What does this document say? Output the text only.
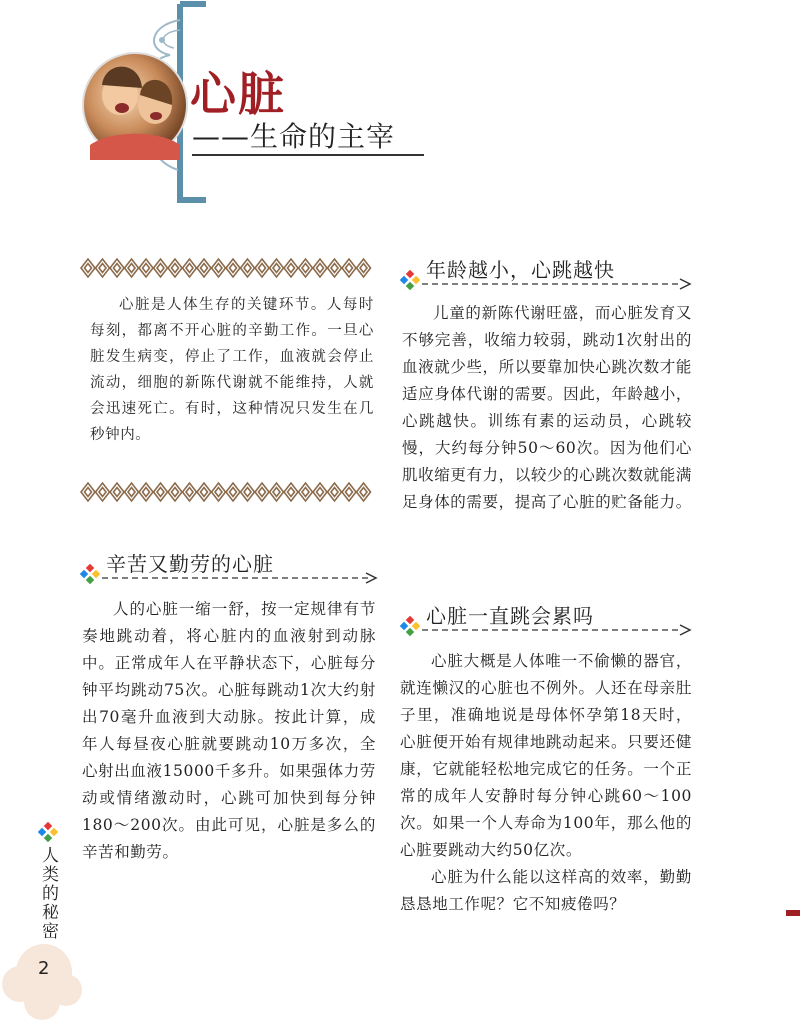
心脏
——生命的主宰

心脏是人体生存的关键环节。人每时每刻，都离不开心脏的辛勤工作。一旦心脏发生病变，停止了工作，血液就会停止流动，细胞的新陈代谢就不能维持，人就会迅速死亡。有时，这种情况只发生在几秒钟内。

辛苦又勤劳的心脏

人的心脏一缩一舒，按一定规律有节奏地跳动着，将心脏内的血液射到动脉中。正常成年人在平静状态下，心脏每分钟平均跳动75次。心脏每跳动1次大约射出70毫升血液到大动脉。按此计算，成年人每昼夜心脏就要跳动10万多次，全心射出血液15000千多升。如果强体力劳动或情绪激动时，心跳可加快到每分钟180～200次。由此可见，心脏是多么的辛苦和勤劳。

年龄越小，心跳越快

儿童的新陈代谢旺盛，而心脏发育又不够完善，收缩力较弱，跳动1次射出的血液就少些，所以要靠加快心跳次数才能适应身体代谢的需要。因此，年龄越小，心跳越快。训练有素的运动员，心跳较慢，大约每分钟50～60次。因为他们心肌收缩更有力，以较少的心跳次数就能满足身体的需要，提高了心脏的贮备能力。

心脏一直跳会累吗

心脏大概是人体唯一不偷懒的器官，就连懒汉的心脏也不例外。人还在母亲肚子里，准确地说是母体怀孕第18天时，心脏便开始有规律地跳动起来。只要还健康，它就能轻松地完成它的任务。一个正常的成年人安静时每分钟心跳60～100次。如果一个人寿命为100年，那么他的心脏要跳动大约50亿次。

心脏为什么能以这样高的效率，勤勤恳恳地工作呢？它不知疲倦吗？

人类的秘密
2
